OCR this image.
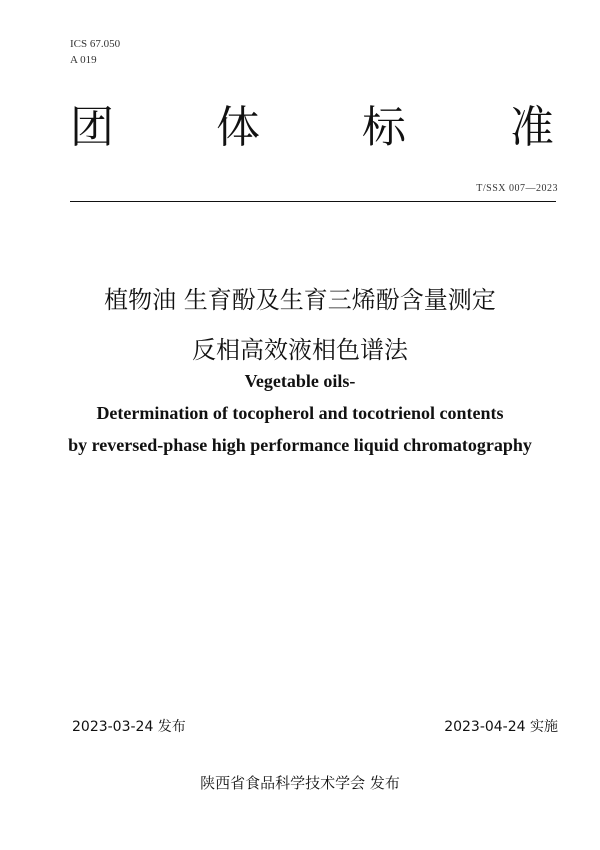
ICS 67.050
A 019
团 体 标 准
T/SSX 007—2023
植物油 生育酚及生育三烯酚含量测定
反相高效液相色谱法
Vegetable oils-
Determination of tocopherol and tocotrienol contents
by reversed-phase high performance liquid chromatography
2023-03-24 发布	2023-04-24 实施
陕西省食品科学技术学会 发布
